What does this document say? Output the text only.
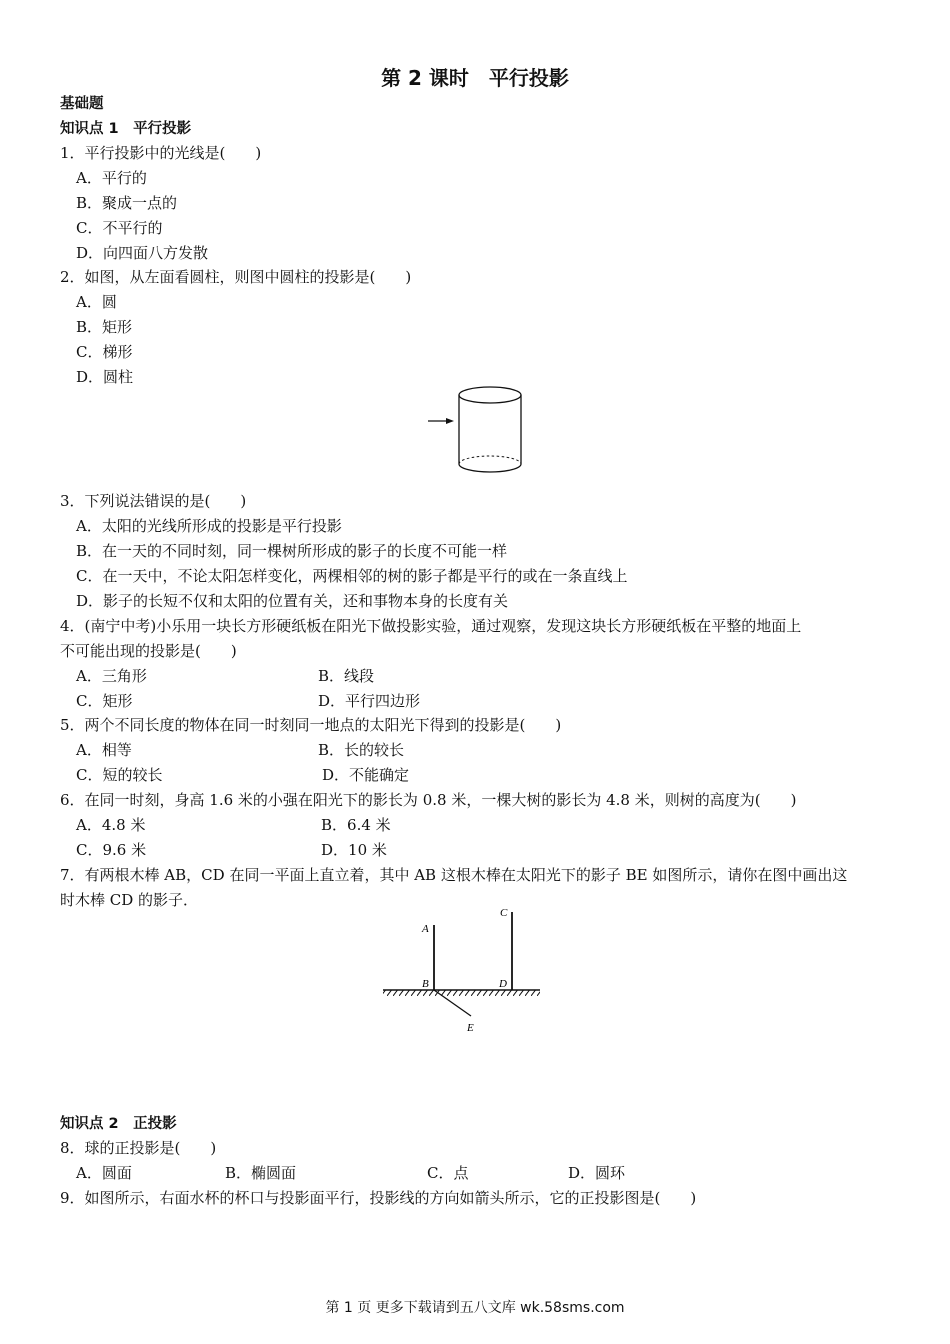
第 2 课时　平行投影
基础题
知识点 1　平行投影
1．平行投影中的光线是(　　)
A．平行的
B．聚成一点的
C．不平行的
D．向四面八方发散
2．如图，从左面看圆柱，则图中圆柱的投影是(　　)
A．圆
B．矩形
C．梯形
D．圆柱
3．下列说法错误的是(　　)
A．太阳的光线所形成的投影是平行投影
B．在一天的不同时刻，同一棵树所形成的影子的长度不可能一样
C．在一天中，不论太阳怎样变化，两棵相邻的树的影子都是平行的或在一条直线上
D．影子的长短不仅和太阳的位置有关，还和事物本身的长度有关
4．(南宁中考)小乐用一块长方形硬纸板在阳光下做投影实验，通过观察，发现这块长方形硬纸板在平整的地面上
不可能出现的投影是(　　)
A．三角形	B．线段
C．矩形	D．平行四边形
5．两个不同长度的物体在同一时刻同一地点的太阳光下得到的投影是(　　)
A．相等	B．长的较长
C．短的较长	D．不能确定
6．在同一时刻，身高 1.6 米的小强在阳光下的影长为 0.8 米，一棵大树的影长为 4.8 米，则树的高度为(　　)
A．4.8 米	B．6.4 米
C．9.6 米	D．10 米
7．有两根木棒 AB，CD 在同一平面上直立着，其中 AB 这根木棒在太阳光下的影子 BE 如图所示，请你在图中画出这
时木棒 CD 的影子．
A
B
C
D
E
知识点 2　正投影
8．球的正投影是(　　)
A．圆面	B．椭圆面	C．点	D．圆环
9．如图所示，右面水杯的杯口与投影面平行，投影线的方向如箭头所示，它的正投影图是(　　)
第 1 页 更多下载请到五八文库 wk.58sms.com
